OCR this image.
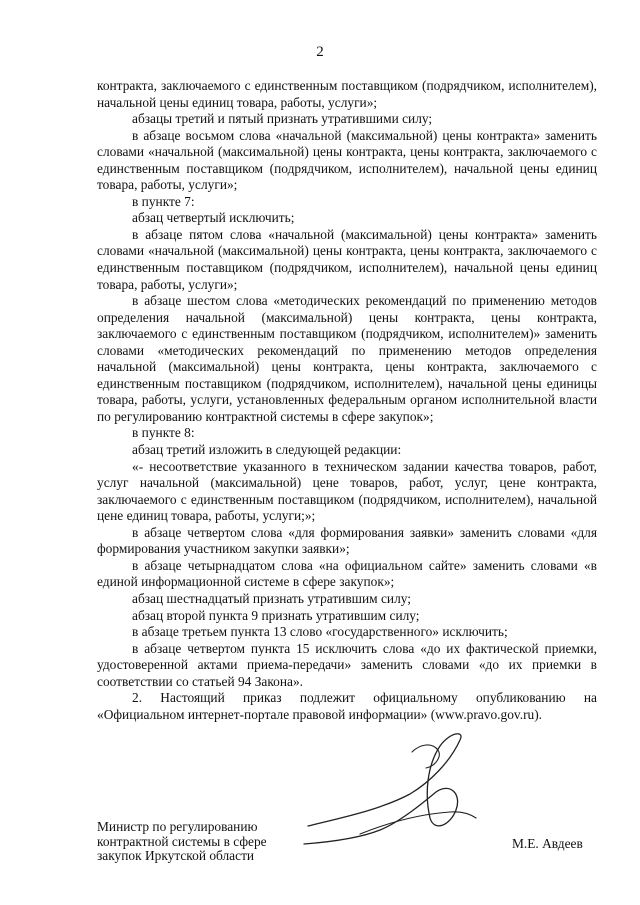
2

контракта, заключаемого с единственным поставщиком (подрядчиком, исполнителем), начальной цены единиц товара, работы, услуги»;

абзацы третий и пятый признать утратившими силу;

в абзаце восьмом слова «начальной (максимальной) цены контракта» заменить словами «начальной (максимальной) цены контракта, цены контракта, заключаемого с единственным поставщиком (подрядчиком, исполнителем), начальной цены единиц товара, работы, услуги»;

в пункте 7:

абзац четвертый исключить;

в абзаце пятом слова «начальной (максимальной) цены контракта» заменить словами «начальной (максимальной) цены контракта, цены контракта, заключаемого с единственным поставщиком (подрядчиком, исполнителем), начальной цены единиц товара, работы, услуги»;

в абзаце шестом слова «методических рекомендаций по применению методов определения начальной (максимальной) цены контракта, цены контракта, заключаемого с единственным поставщиком (подрядчиком, исполнителем)» заменить словами «методических рекомендаций по применению методов определения начальной (максимальной) цены контракта, цены контракта, заключаемого с единственным поставщиком (подрядчиком, исполнителем), начальной цены единицы товара, работы, услуги, установленных федеральным органом исполнительной власти по регулированию контрактной системы в сфере закупок»;

в пункте 8:

абзац третий изложить в следующей редакции:

«- несоответствие указанного в техническом задании качества товаров, работ, услуг начальной (максимальной) цене товаров, работ, услуг, цене контракта, заключаемого с единственным поставщиком (подрядчиком, исполнителем), начальной цене единиц товара, работы, услуги;»;

в абзаце четвертом слова «для формирования заявки» заменить словами «для формирования участником закупки заявки»;

в абзаце четырнадцатом слова «на официальном сайте» заменить словами «в единой информационной системе в сфере закупок»;

абзац шестнадцатый признать утратившим силу;

абзац второй пункта 9 признать утратившим силу;

в абзаце третьем пункта 13 слово «государственного» исключить;

в абзаце четвертом пункта 15 исключить слова «до их фактической приемки, удостоверенной актами приема-передачи» заменить словами «до их приемки в соответствии со статьей 94 Закона».

2. Настоящий приказ подлежит официальному опубликованию на «Официальном интернет-портале правовой информации» (www.pravo.gov.ru).

Министр по регулированию
контрактной системы в сфере
закупок Иркутской области
М.Е. Авдеев
